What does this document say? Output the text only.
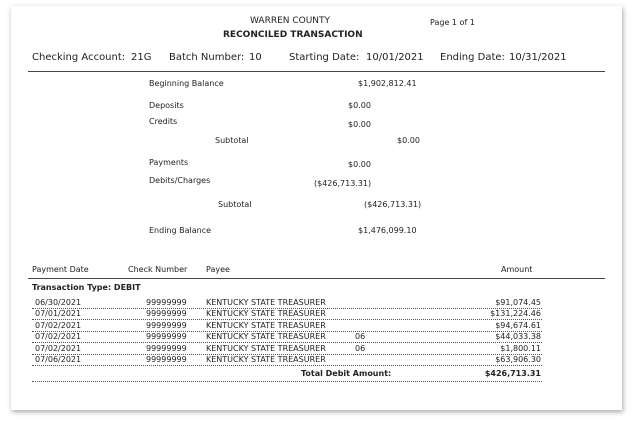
WARREN COUNTY
RECONCILED TRANSACTION
Page 1 of 1
Checking Account: 21G Batch Number: 10	Starting Date: 10/01/2021 Ending Date: 10/31/2021
Beginning Balance	$1,902,812.41
Deposits	$0.00
Credits	$0.00
Subtotal	$0.00
Payments	$0.00
Debits/Charges	($426,713.31)
Subtotal	($426,713.31)
Ending Balance	$1,476,099.10
Payment Date	Check Number Payee	Amount
Transaction Type: DEBIT
06/30/2021	99999999 KENTUCKY STATE TREASURER	$91,074.45
07/01/2021	99999999 KENTUCKY STATE TREASURER	$131,224.46
07/02/2021	99999999 KENTUCKY STATE TREASURER	$94,674.61
07/02/2021	99999999 KENTUCKY STATE TREASURER	06	$44,033.38
07/02/2021	99999999 KENTUCKY STATE TREASURER	06	$1,800.11
07/06/2021	99999999 KENTUCKY STATE TREASURER	$63,906.30
Total Debit Amount:	$426,713.31
